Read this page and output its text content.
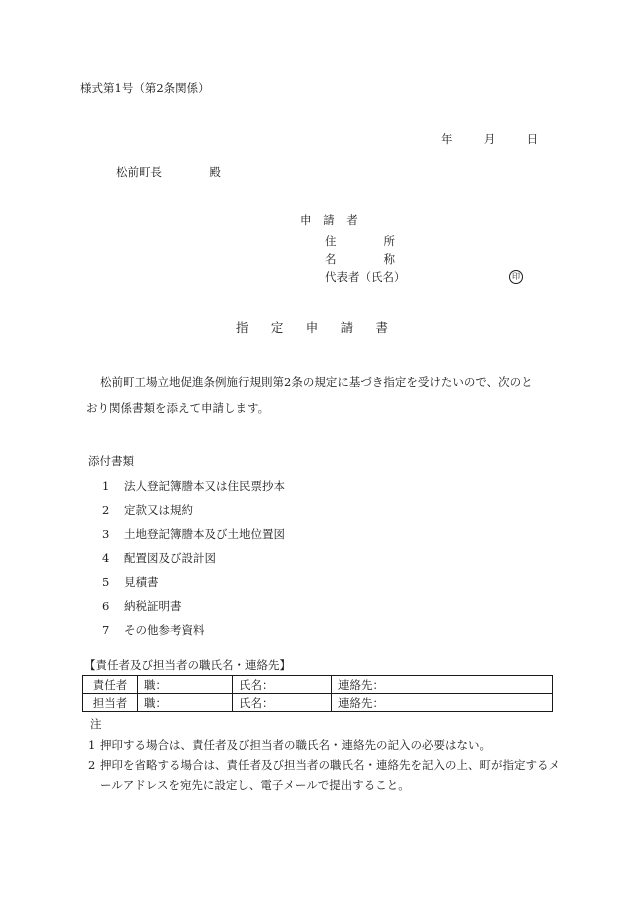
様式第1号（第2条関係）
年	月	日
松前町長	殿
申 請 者
住	所
名	称
代表者（氏名）	印
指 定 申 請 書
松前町工場立地促進条例施行規則第2条の規定に基づき指定を受けたいので、次のと
おり関係書類を添えて申請します。
添付書類
1 法人登記簿謄本又は住民票抄本
2 定款又は規約
3 土地登記簿謄本及び土地位置図
4 配置図及び設計図
5 見積書
6 納税証明書
7 その他参考資料
【責任者及び担当者の職氏名・連絡先】
責任者	職：	氏名：	連絡先：
担当者	職：	氏名：	連絡先：
注
1 押印する場合は、責任者及び担当者の職氏名・連絡先の記入の必要はない。
2 押印を省略する場合は、責任者及び担当者の職氏名・連絡先を記入の上、町が指定するメールアドレスを宛先に設定し、電子メールで提出すること。
